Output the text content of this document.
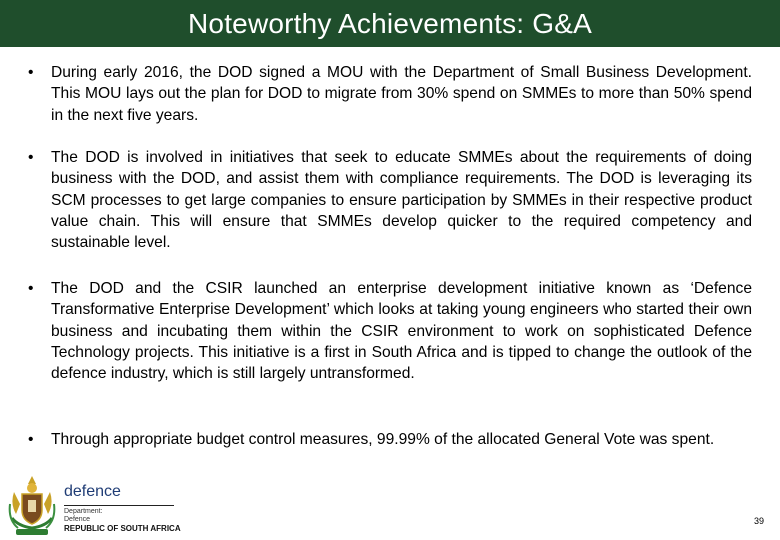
Noteworthy Achievements: G&A
•	During early 2016, the DOD signed a MOU with the Department of Small Business Development. This MOU lays out the plan for DOD to migrate from 30% spend on SMMEs to more than 50% spend in the next five years.
•	The DOD is involved in initiatives that seek to educate SMMEs about the requirements of doing business with the DOD, and assist them with compliance requirements. The DOD is leveraging its SCM processes to get large companies to ensure participation by SMMEs in their respective product value chain. This will ensure that SMMEs develop quicker to the required competency and sustainable level.
•	The DOD and the CSIR launched an enterprise development initiative known as ‘Defence Transformative Enterprise Development’ which looks at taking young engineers who started their own business and incubating them within the CSIR environment to work on sophisticated Defence Technology projects. This initiative is a first in South Africa and is tipped to change the outlook of the defence industry, which is still largely untransformed.
•	Through appropriate budget control measures, 99.99% of the allocated General Vote was spent.
defence
Department:
Defence
REPUBLIC OF SOUTH AFRICA
39
